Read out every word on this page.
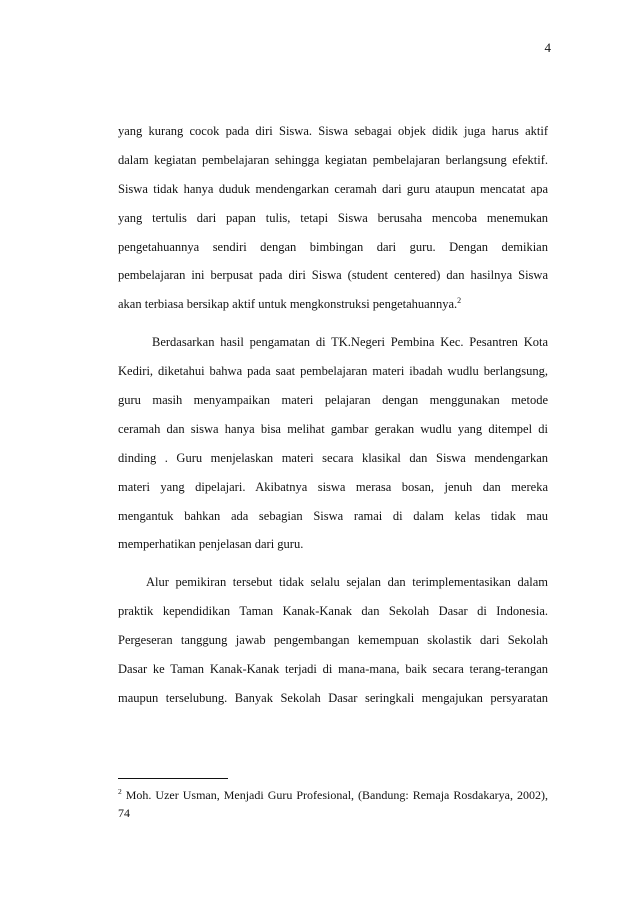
4
yang kurang cocok pada diri Siswa. Siswa sebagai objek didik juga harus aktif
dalam kegiatan pembelajaran sehingga kegiatan pembelajaran berlangsung efektif.
Siswa tidak hanya duduk mendengarkan ceramah dari guru ataupun mencatat apa
yang tertulis dari papan tulis, tetapi Siswa berusaha mencoba menemukan
pengetahuannya sendiri dengan bimbingan dari guru. Dengan demikian
pembelajaran ini berpusat pada diri Siswa (student centered) dan hasilnya Siswa
akan terbiasa bersikap aktif untuk mengkonstruksi pengetahuannya.$^2$
Berdasarkan hasil pengamatan di TK.Negeri Pembina Kec. Pesantren Kota
Kediri, diketahui bahwa pada saat pembelajaran materi ibadah wudlu berlangsung,
guru masih menyampaikan materi pelajaran dengan menggunakan metode
ceramah dan siswa hanya bisa melihat gambar gerakan wudlu yang ditempel di
dinding . Guru menjelaskan materi secara klasikal dan Siswa mendengarkan
materi yang dipelajari. Akibatnya siswa merasa bosan, jenuh dan mereka
mengantuk bahkan ada sebagian Siswa ramai di dalam kelas tidak mau
memperhatikan penjelasan dari guru.
Alur pemikiran tersebut tidak selalu sejalan dan terimplementasikan dalam
praktik kependidikan Taman Kanak-Kanak dan Sekolah Dasar di Indonesia.
Pergeseran tanggung jawab pengembangan kemempuan skolastik dari Sekolah
Dasar ke Taman Kanak-Kanak terjadi di mana-mana, baik secara terang-terangan
maupun terselubung. Banyak Sekolah Dasar seringkali mengajukan persyaratan
$^2$ Moh. Uzer Usman, Menjadi Guru Profesional, (Bandung: Remaja Rosdakarya, 2002),
74
